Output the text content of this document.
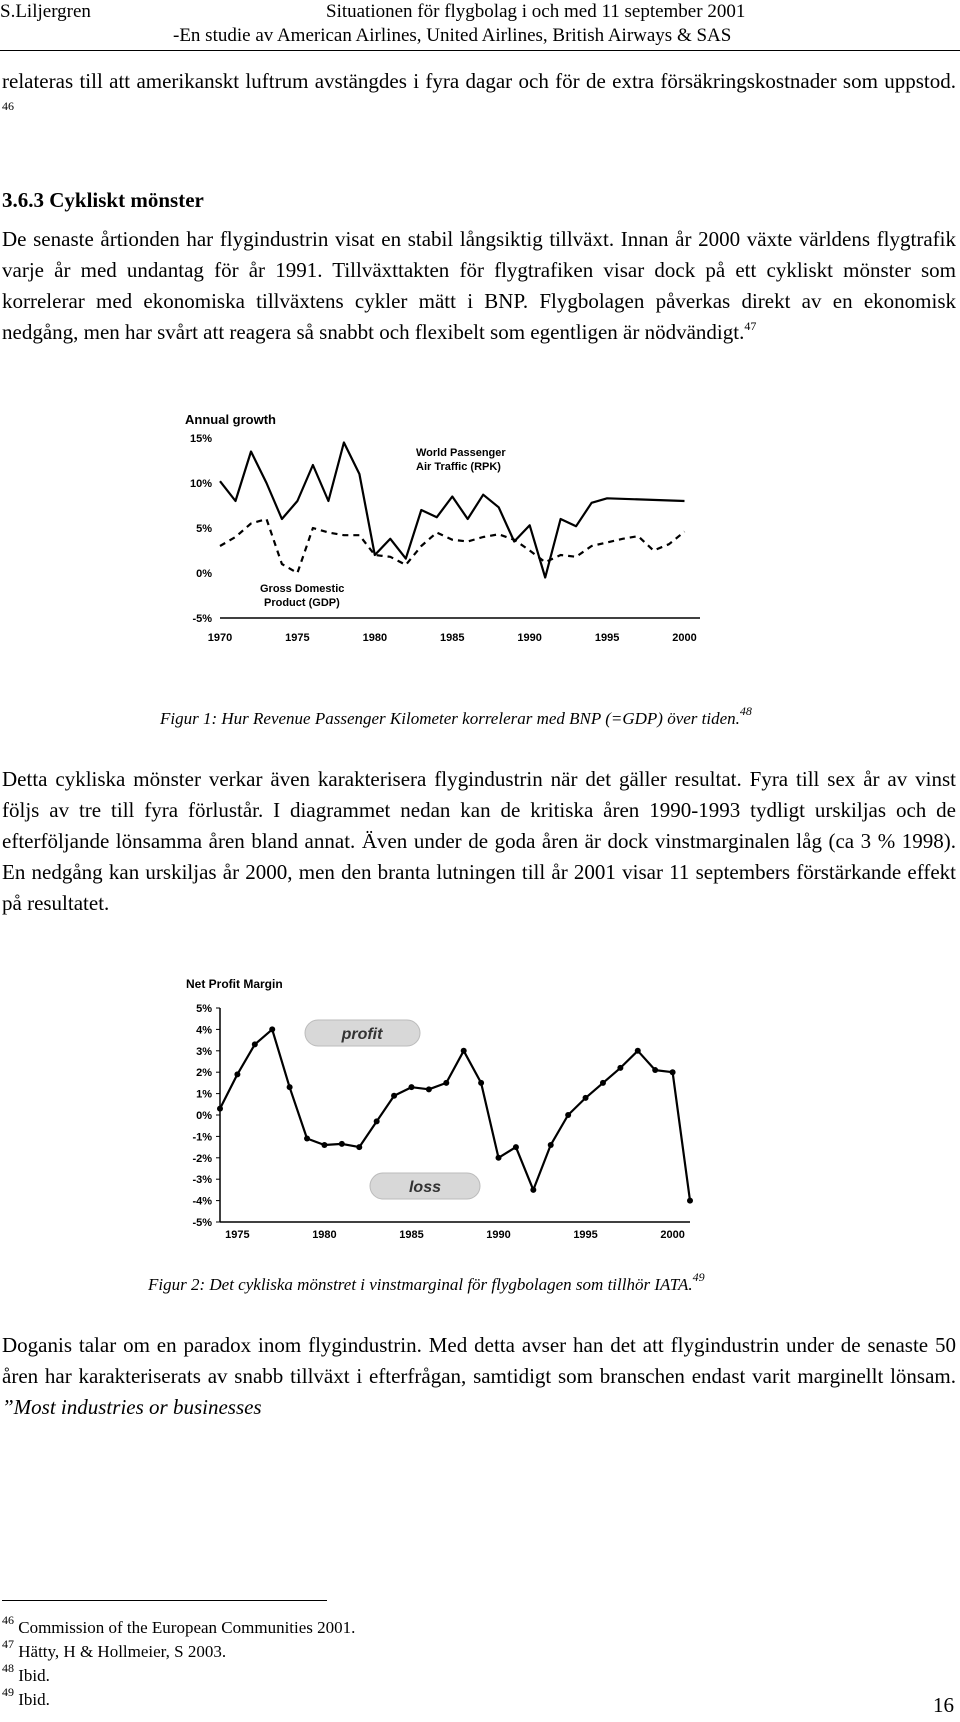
S.Liljergren	Situationen för flygbolag i och med 11 september 2001
-En studie av American Airlines, United Airlines, British Airways & SAS

relateras till att amerikanskt luftrum avstängdes i fyra dagar och för de extra försäkringskostnader som uppstod. $^{46}$

3.6.3 Cykliskt mönster

De senaste årtionden har flygindustrin visat en stabil långsiktig tillväxt. Innan år 2000 växte världens flygtrafik varje år med undantag för år 1991. Tillväxttakten för flygtrafiken visar dock på ett cykliskt mönster som korrelerar med ekonomiska tillväxtens cykler mätt i BNP. Flygbolagen påverkas direkt av en ekonomisk nedgång, men har svårt att reagera så snabbt och flexibelt som egentligen är nödvändigt.$^{47}$

Annual growth
15%
10%
5%
0%
-5%
1970	1975	1980	1985	1990	1995	2000
World Passenger
Air Traffic (RPK)
Gross Domestic
Product (GDP)
Figur 1: Hur Revenue Passenger Kilometer korrelerar med BNP (=GDP) över tiden.$^{48}$

Detta cykliska mönster verkar även karakterisera flygindustrin när det gäller resultat. Fyra till sex år av vinst följs av tre till fyra förlustår. I diagrammet nedan kan de kritiska åren 1990-1993 tydligt urskiljas och de efterföljande lönsamma åren bland annat. Även under de goda åren är dock vinstmarginalen låg (ca 3 % 1998). En nedgång kan urskiljas år 2000, men den branta lutningen till år 2001 visar 11 septembers förstärkande effekt på resultatet.

Net Profit Margin
5%
4%
3%
2%
1%
0%
-1%
-2%
-3%
-4%
-5%
1975	1980	1985	1990	1995	2000
profit
loss
Figur 2: Det cykliska mönstret i vinstmarginal för flygbolagen som tillhör IATA.$^{49}$

Doganis talar om en paradox inom flygindustrin. Med detta avser han det att flygindustrin under de senaste 50 åren har karakteriserats av snabb tillväxt i efterfrågan, samtidigt som branschen endast varit marginellt lönsam. ”Most industries or businesses

$^{46}$ Commission of the European Communities 2001.
$^{47}$ Hätty, H & Hollmeier, S 2003.
$^{48}$ Ibid.
$^{49}$ Ibid.	16
